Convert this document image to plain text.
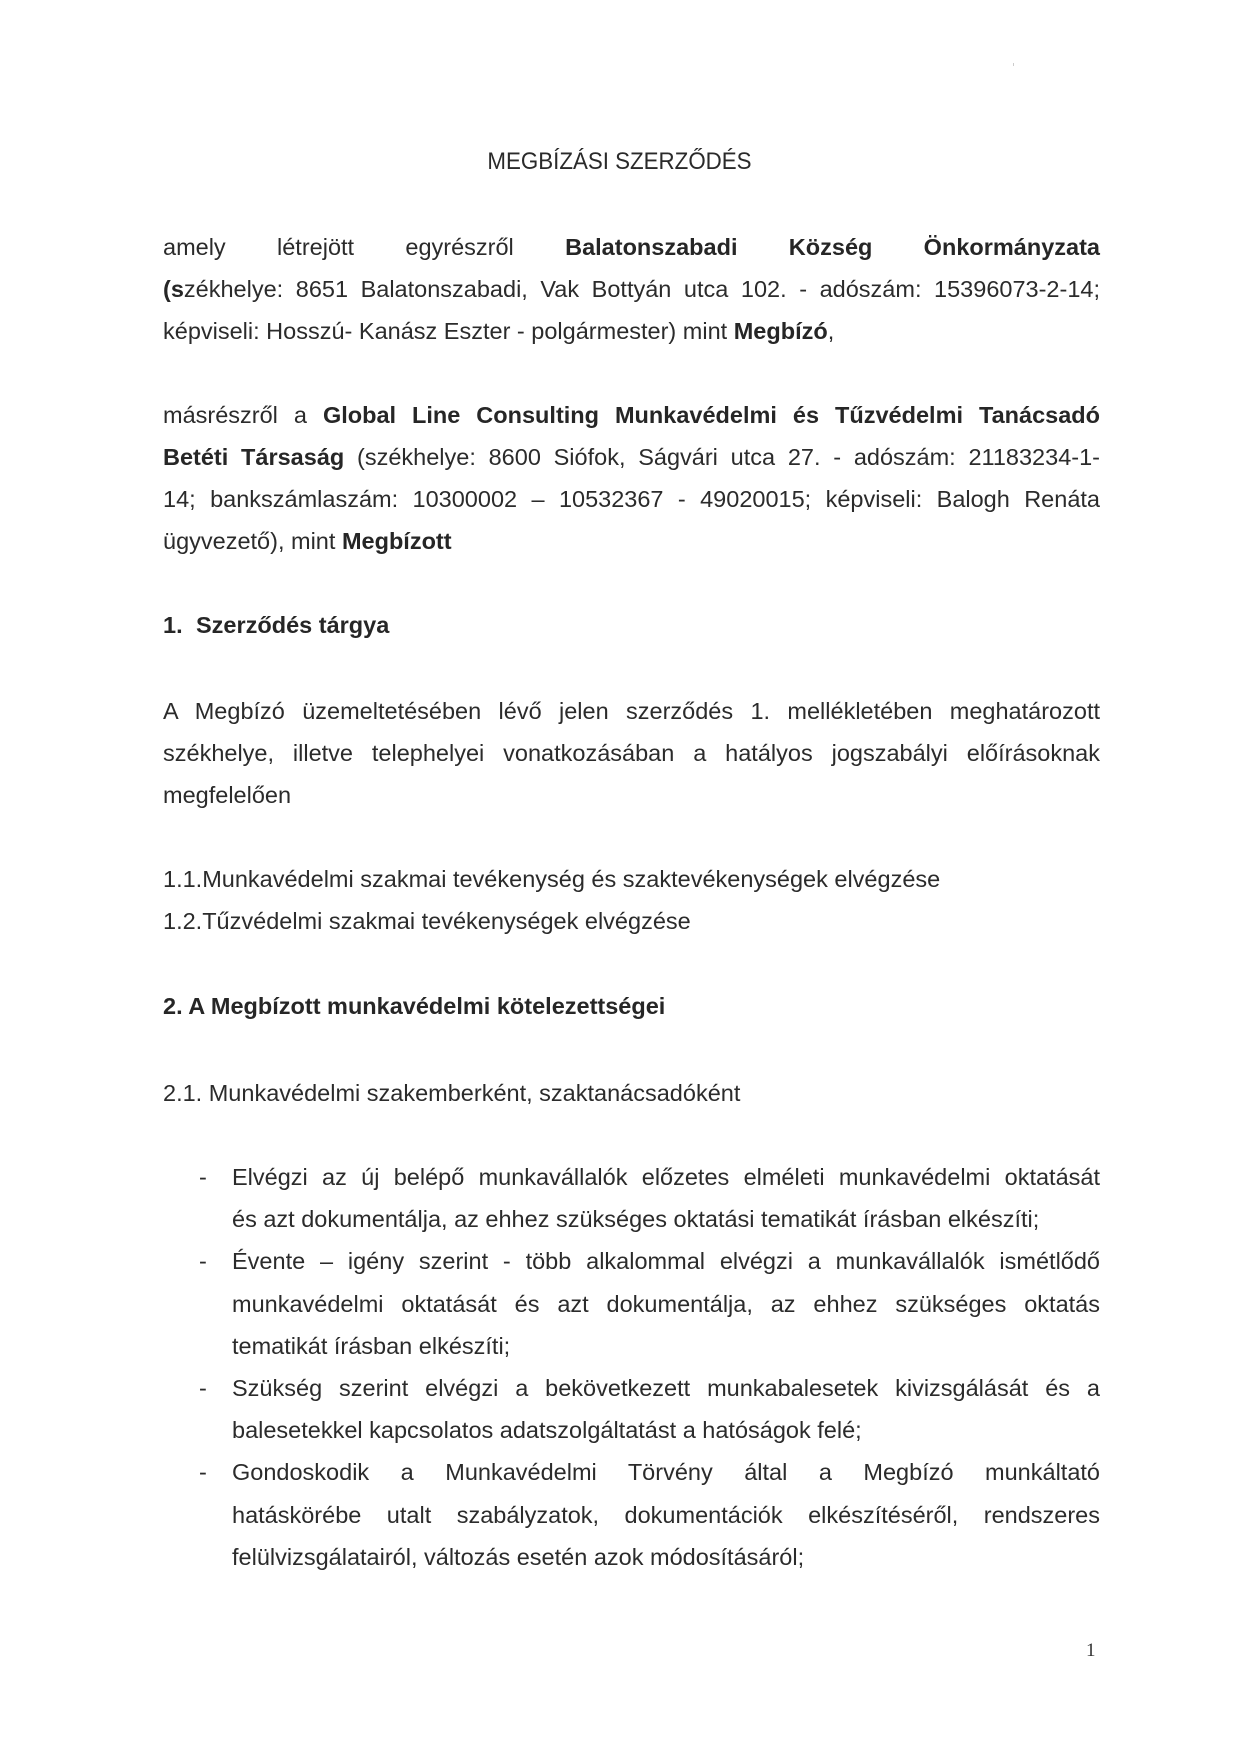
MEGBÍZÁSI SZERZŐDÉS
amely létrejött egyrészről Balatonszabadi Község Önkormányzata
(székhelye: 8651 Balatonszabadi, Vak Bottyán utca 102. - adószám: 15396073-2-14;
képviseli: Hosszú- Kanász Eszter - polgármester) mint Megbízó,
másrészről a Global Line Consulting Munkavédelmi és Tűzvédelmi Tanácsadó
Betéti Társaság (székhelye: 8600 Siófok, Ságvári utca 27. - adószám: 21183234-1-
14; bankszámlaszám: 10300002 – 10532367 - 49020015; képviseli: Balogh Renáta
ügyvezető), mint Megbízott
1. Szerződés tárgya
A Megbízó üzemeltetésében lévő jelen szerződés 1. mellékletében meghatározott
székhelye, illetve telephelyei vonatkozásában a hatályos jogszabályi előírásoknak
megfelelően
1.1.Munkavédelmi szakmai tevékenység és szaktevékenységek elvégzése
1.2.Tűzvédelmi szakmai tevékenységek elvégzése
2. A Megbízott munkavédelmi kötelezettségei
2.1. Munkavédelmi szakemberként, szaktanácsadóként
- Elvégzi az új belépő munkavállalók előzetes elméleti munkavédelmi oktatását
és azt dokumentálja, az ehhez szükséges oktatási tematikát írásban elkészíti;
- Évente – igény szerint - több alkalommal elvégzi a munkavállalók ismétlődő
munkavédelmi oktatását és azt dokumentálja, az ehhez szükséges oktatás
tematikát írásban elkészíti;
- Szükség szerint elvégzi a bekövetkezett munkabalesetek kivizsgálását és a
balesetekkel kapcsolatos adatszolgáltatást a hatóságok felé;
- Gondoskodik a Munkavédelmi Törvény által a Megbízó munkáltató
hatáskörébe utalt szabályzatok, dokumentációk elkészítéséről, rendszeres
felülvizsgálatairól, változás esetén azok módosításáról;
1
